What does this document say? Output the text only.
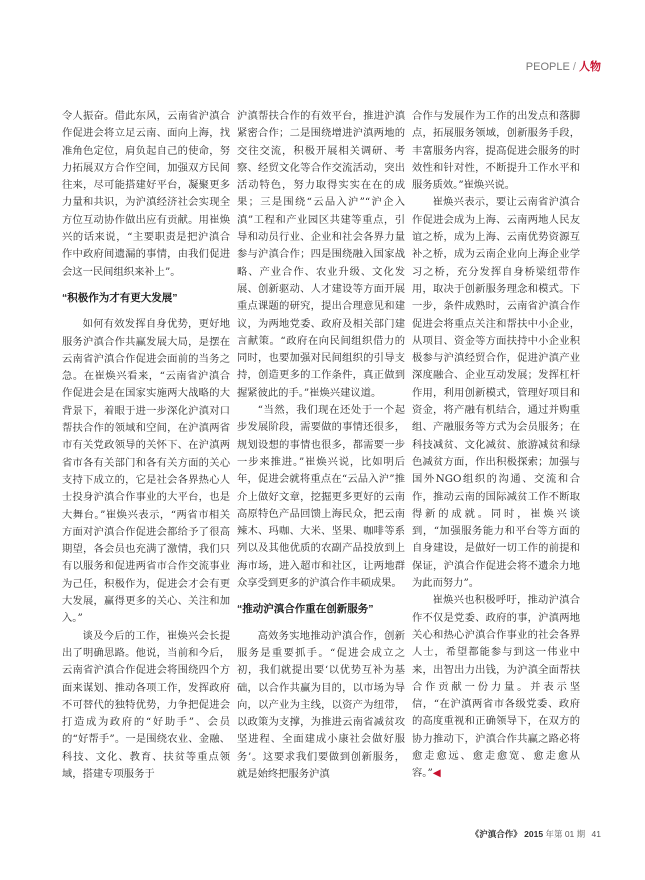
PEOPLE / 人物

令人振奋。借此东风，云南省沪滇合作促进会将立足云南、面向上海，找准角色定位，肩负起自己的使命，努力拓展双方合作空间，加强双方民间往来，尽可能搭建好平台，凝聚更多力量和共识，为沪滇经济社会实现全方位互动协作做出应有贡献。用崔焕兴的话来说，“主要职责是把沪滇合作中政府间遗漏的事情，由我们促进会这一民间组织来补上”。

“积极作为才有更大发展”

如何有效发挥自身优势，更好地服务沪滇合作共赢发展大局，是摆在云南省沪滇合作促进会面前的当务之急。在崔焕兴看来，“云南省沪滇合作促进会是在国家实施两大战略的大背景下，着眼于进一步深化沪滇对口帮扶合作的领域和空间，在沪滇两省市有关党政领导的关怀下、在沪滇两省市各有关部门和各有关方面的关心支持下成立的，它是社会各界热心人士投身沪滇合作事业的大平台，也是大舞台。”崔焕兴表示，“两省市相关方面对沪滇合作促进会都给予了很高期望，各会员也充满了激情，我们只有以服务和促进两省市合作交流事业为己任，积极作为，促进会才会有更大发展，赢得更多的关心、关注和加入。”

谈及今后的工作，崔焕兴会长提出了明确思路。他说，当前和今后，云南省沪滇合作促进会将围绕四个方面来谋划、推动各项工作，发挥政府不可替代的独特优势，力争把促进会打造成为政府的“好助手”、会员的“好帮手”。一是围绕农业、金融、科技、文化、教育、扶贫等重点领域，搭建专项服务于

沪滇帮扶合作的有效平台，推进沪滇紧密合作；二是围绕增进沪滇两地的交往交流，积极开展相关调研、考察、经贸文化等合作交流活动，突出活动特色，努力取得实实在在的成果；三是围绕“云品入沪”“沪企入滇”工程和产业园区共建等重点，引导和动员行业、企业和社会各界力量参与沪滇合作；四是围绕融入国家战略、产业合作、农业升级、文化发展、创新驱动、人才建设等方面开展重点课题的研究，提出合理意见和建议，为两地党委、政府及相关部门建言献策。“政府在向民间组织借力的同时，也要加强对民间组织的引导支持，创造更多的工作条件，真正做到握紧彼此的手。”崔焕兴建议道。

“当然，我们现在还处于一个起步发展阶段，需要做的事情还很多，规划设想的事情也很多，都需要一步一步来推进。”崔焕兴说，比如明后年，促进会就将重点在“云品入沪”推介上做好文章，挖掘更多更好的云南高原特色产品回馈上海民众，把云南辣木、玛咖、大米、坚果、咖啡等系列以及其他优质的农副产品投放到上海市场，进入超市和社区，让两地群众享受到更多的沪滇合作丰硕成果。

“推动沪滇合作重在创新服务”

高效务实地推动沪滇合作，创新服务是重要抓手。“促进会成立之初，我们就提出要‘以优势互补为基础，以合作共赢为目的，以市场为导向，以产业为主线，以资产为纽带，以政策为支撑，为推进云南省减贫攻坚进程、全面建成小康社会做好服务’。这要求我们要做到创新服务，就是始终把服务沪滇

合作与发展作为工作的出发点和落脚点，拓展服务领域，创新服务手段，丰富服务内容，提高促进会服务的时效性和针对性，不断提升工作水平和服务质效。”崔焕兴说。

崔焕兴表示，要让云南省沪滇合作促进会成为上海、云南两地人民友谊之桥，成为上海、云南优势资源互补之桥，成为云南企业向上海企业学习之桥，充分发挥自身桥梁纽带作用，取决于创新服务理念和模式。下一步，条件成熟时，云南省沪滇合作促进会将重点关注和帮扶中小企业，从项目、资金等方面扶持中小企业积极参与沪滇经贸合作，促进沪滇产业深度融合、企业互动发展；发挥杠杆作用，利用创新模式，管理好项目和资金，将产融有机结合，通过并购重组、产融服务等方式为会员服务；在科技减贫、文化减贫、旅游减贫和绿色减贫方面，作出积极探索；加强与国外NGO组织的沟通、交流和合作，推动云南的国际减贫工作不断取得新的成就。同时，崔焕兴谈到，“加强服务能力和平台等方面的自身建设，是做好一切工作的前提和保证，沪滇合作促进会将不遗余力地为此而努力”。

崔焕兴也积极呼吁，推动沪滇合作不仅是党委、政府的事，沪滇两地关心和热心沪滇合作事业的社会各界人士，希望都能参与到这一伟业中来，出智出力出钱，为沪滇全面帮扶合作贡献一份力量。并表示坚信，“在沪滇两省市各级党委、政府的高度重视和正确领导下，在双方的协力推动下，沪滇合作共赢之路必将愈走愈远、愈走愈宽、愈走愈从容。”◀

《沪滇合作》 2015 年第 01 期 41
